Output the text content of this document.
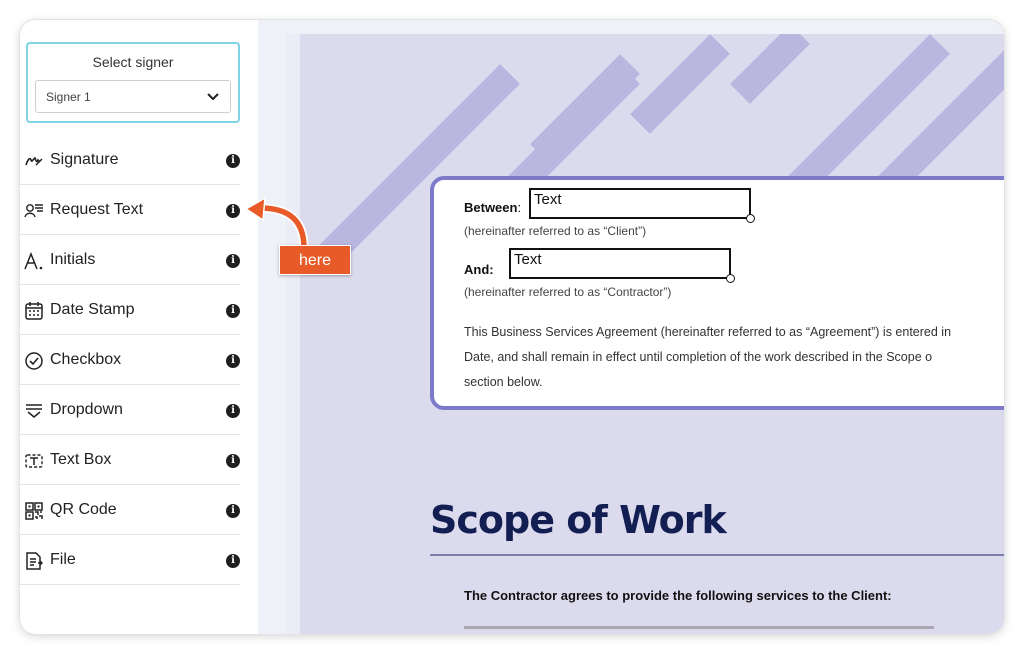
Select signer
Signer 1
Signature	i
Request Text	i
Initials	i
Date Stamp	i
Checkbox	i
Dropdown	i
Text Box	i
QR Code	i
File	i
Between: Text
(hereinafter referred to as “Client”)
And:
Text
(hereinafter referred to as “Contractor”)
This Business Services Agreement (hereinafter referred to as “Agreement”) is entered in
Date, and shall remain in effect until completion of the work described in the Scope o
section below.
Scope of Work
The Contractor agrees to provide the following services to the Client:
here
